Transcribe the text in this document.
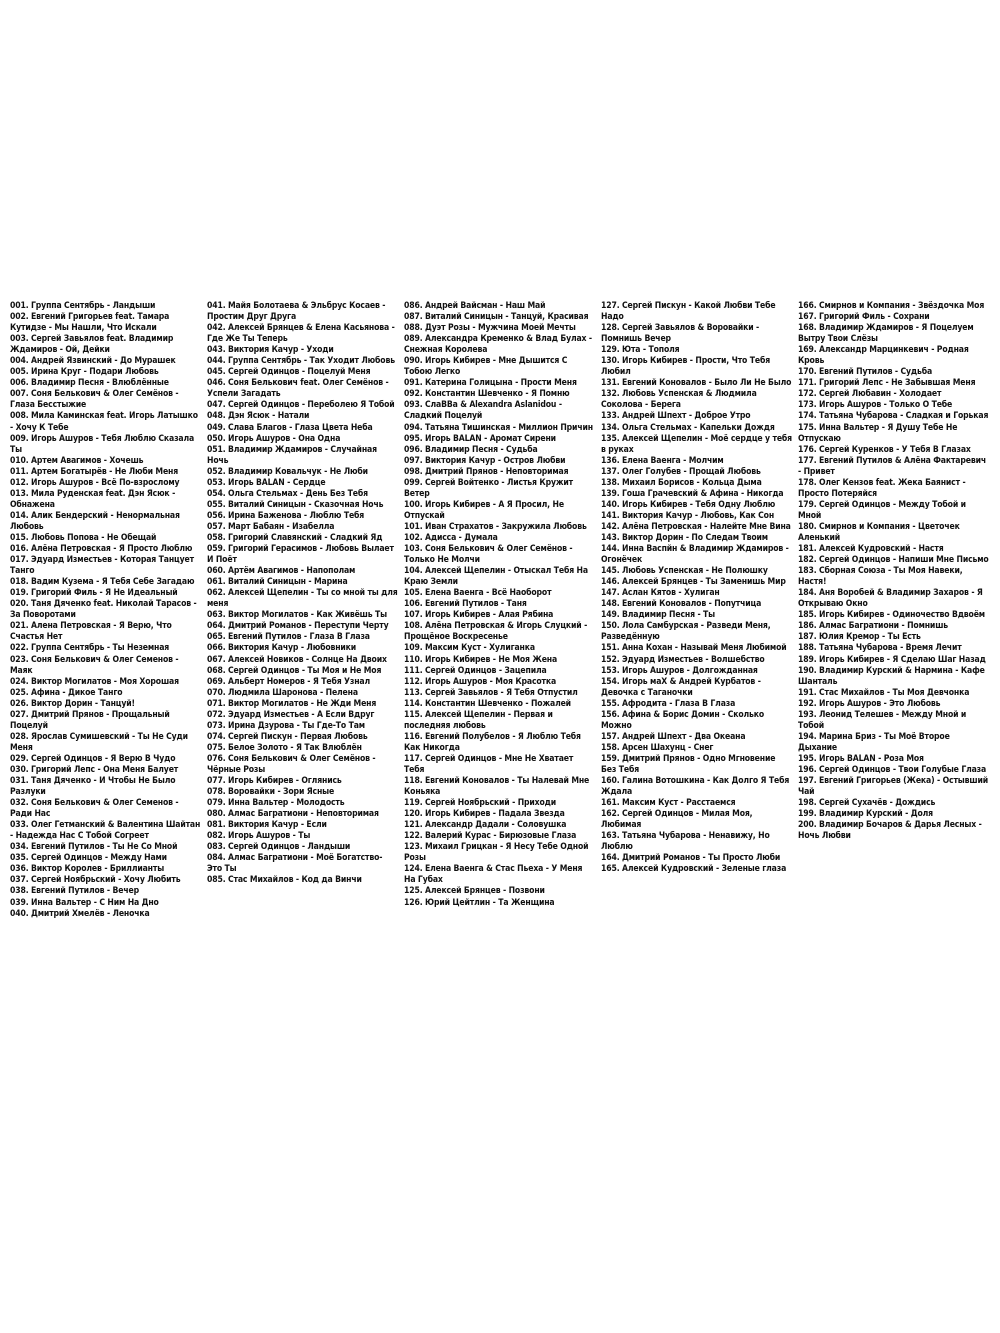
001. Группа Сентябрь - Ландыши
002. Евгений Григорьев feat. Тамара Кутидзе - Мы Нашли, Что Искали
003. Сергей Завьялов feat. Владимир Ждамиров - Ой, Дейки
004. Андрей Язвинский - До Мурашек
005. Ирина Круг - Подари Любовь
006. Владимир Песня - Влюблённые
007. Соня Белькович & Олег Семёнов - Глаза Бесстыжие
008. Мила Каминская feat. Игорь Латышко - Хочу К Тебе
009. Игорь Ашуров - Тебя Люблю Сказала Ты
010. Артем Авагимов - Хочешь
011. Артем Богатырёв - Не Люби Меня
012. Игорь Ашуров - Всё По-взрослому
013. Мила Руденская feat. Дэн Ясюк - Обнажена
014. Алик Бендерский - Ненормальная Любовь
015. Любовь Попова - Не Обещай
016. Алёна Петровская - Я Просто Люблю
017. Эдуард Изместьев - Которая Танцует Танго
018. Вадим Кузема - Я Тебя Себе Загадаю
019. Григорий Филь - Я Не Идеальный
020. Таня Дяченко feat. Николай Тарасов - За Поворотами
021. Алена Петровская - Я Верю, Что Счастья Нет
022. Группа Сентябрь - Ты Неземная
023. Соня Белькович & Олег Семенов - Маяк
024. Виктор Могилатов - Моя Хорошая
025. Афина - Дикое Танго
026. Виктор Дорин - Танцуй!
027. Дмитрий Прянов - Прощальный Поцелуй
028. Ярослав Сумишевский - Ты Не Суди Меня
029. Сергей Одинцов - Я Верю В Чудо
030. Григорий Лепс - Она Меня Балует
031. Таня Дяченко - И Чтобы Не Было Разлуки
032. Соня Белькович & Олег Семенов - Ради Нас
033. Олег Гетманский & Валентина Шайтан - Надежда Нас С Тобой Согреет
034. Евгений Путилов - Ты Не Со Мной
035. Сергей Одинцов - Между Нами
036. Виктор Королев - Бриллианты
037. Сергей Ноябрьский - Хочу Любить
038. Евгений Путилов - Вечер
039. Инна Вальтер - С Ним На Дно
040. Дмитрий Хмелёв - Леночка
041. Майя Болотаева & Эльбрус Косаев - Простим Друг Друга
042. Алексей Брянцев & Елена Касьянова - Где Же Ты Теперь
043. Виктория Качур - Уходи
044. Группа Сентябрь - Так Уходит Любовь
045. Сергей Одинцов - Поцелуй Меня
046. Соня Белькович feat. Олег Семёнов - Успели Загадать
047. Сергей Одинцов - Переболею Я Тобой
048. Дэн Ясюк - Натали
049. Слава Благов - Глаза Цвета Неба
050. Игорь Ашуров - Она Одна
051. Владимир Ждамиров - Случайная Ночь
052. Владимир Ковальчук - Не Люби
053. Игорь BALAN - Сердце
054. Ольга Стельмах - День Без Тебя
055. Виталий Синицын - Сказочная Ночь
056. Ирина Баженова - Люблю Тебя
057. Март Бабаян - Изабелла
058. Григорий Славянский - Сладкий Яд
059. Григорий Герасимов - Любовь Вылает И Поёт
060. Артём Авагимов - Напополам
061. Виталий Синицын - Марина
062. Алексей Щепелин - Ты со мной ты для меня
063. Виктор Могилатов - Как Живёшь Ты
064. Дмитрий Романов - Переступи Черту
065. Евгений Путилов - Глаза В Глаза
066. Виктория Качур - Любовники
067. Алексей Новиков - Солнце На Двоих
068. Сергей Одинцов - Ты Моя и Не Моя
069. Альберт Номеров - Я Тебя Узнал
070. Людмила Шаронова - Пелена
071. Виктор Могилатов - Не Жди Меня
072. Эдуард Изместьев - А Если Вдруг
073. Ирина Дзурова - Ты Где-То Там
074. Сергей Пискун - Первая Любовь
075. Белое Золото - Я Так Влюблён
076. Соня Белькович & Олег Семёнов - Чёрные Розы
077. Игорь Кибирев - Оглянись
078. Воровайки - Зори Ясные
079. Инна Вальтер - Молодость
080. Алмас Багратиони - Неповторимая
081. Виктория Качур - Если
082. Игорь Ашуров - Ты
083. Сергей Одинцов - Ландыши
084. Алмас Багратиони - Моё Богатство- Это Ты
085. Стас Михайлов - Код да Винчи
086. Андрей Вайсман - Наш Май
087. Виталий Синицын - Танцуй, Красивая
088. Дуэт Розы - Мужчина Моей Мечты
089. Александра Кременко & Влад Булах - Снежная Королева
090. Игорь Кибирев - Мне Дышится С Тобою Легко
091. Катерина Голицына - Прости Меня
092. Константин Шевченко - Я Помню
093. СлаВВа & Alexandra Aslanidou - Сладкий Поцелуй
094. Татьяна Тишинская - Миллион Причин
095. Игорь BALAN - Аромат Сирени
096. Владимир Песня - Судьба
097. Виктория Качур - Остров Любви
098. Дмитрий Прянов - Неповторимая
099. Сергей Войтенко - Листья Кружит Ветер
100. Игорь Кибирев - А Я Просил, Не Отпускай
101. Иван Страхатов - Закружила Любовь
102. Адисса - Думала
103. Соня Белькович & Олег Семёнов - Только Не Молчи
104. Алексей Щепелин - Отыскал Тебя На Краю Земли
105. Елена Ваенга - Всё Наоборот
106. Евгений Путилов - Таня
107. Игорь Кибирев - Алая Рябина
108. Алёна Петровская & Игорь Слуцкий - Прощёное Воскресенье
109. Максим Куст - Хулиганка
110. Игорь Кибирев - Не Моя Жена
111. Сергей Одинцов - Зацепила
112. Игорь Ашуров - Моя Красотка
113. Сергей Завьялов - Я Тебя Отпустил
114. Константин Шевченко - Пожалей
115. Алексей Щепелин - Первая и последняя любовь
116. Евгений Полубелов - Я Люблю Тебя Как Никогда
117. Сергей Одинцов - Мне Не Хватает Тебя
118. Евгений Коновалов - Ты Налевай Мне Коньяка
119. Сергей Ноябрьский - Приходи
120. Игорь Кибирев - Падала Звезда
121. Александр Дадали - Соловушка
122. Валерий Курас - Бирюзовые Глаза
123. Михаил Грицкан - Я Несу Тебе Одной Розы
124. Елена Ваенга & Стас Пьеха - У Меня На Губах
125. Алексей Брянцев - Позвони
126. Юрий Цейтлин - Та Женщина
127. Сергей Пискун - Какой Любви Тебе Надо
128. Сергей Завьялов & Воровайки - Помнишь Вечер
129. Юта - Тополя
130. Игорь Кибирев - Прости, Что Тебя Любил
131. Евгений Коновалов - Было Ли Не Было
132. Любовь Успенская & Людмила Соколова - Берега
133. Андрей Шпехт - Доброе Утро
134. Ольга Стельмах - Капельки Дождя
135. Алексей Щепелин - Моё сердце у тебя в руках
136. Елена Ваенга - Молчим
137. Олег Голубев - Прощай Любовь
138. Михаил Борисов - Кольца Дыма
139. Гоша Грачевский & Афина - Никогда
140. Игорь Кибирев - Тебя Одну Люблю
141. Виктория Качур - Любовь, Как Сон
142. Алёна Петровская - Налейте Мне Вина
143. Виктор Дорин - По Следам Твоим
144. Инна Васпйн & Владимир Ждамиров - Огонёчек
145. Любовь Успенская - Не Полюшку
146. Алексей Брянцев - Ты Заменишь Мир
147. Аслан Кятов - Хулиган
148. Евгений Коновалов - Попутчица
149. Владимир Песня - Ты
150. Лола Самбурская - Разведи Меня, Разведённую
151. Анна Кохан - Называй Меня Любимой
152. Эдуард Изместьев - Волшебство
153. Игорь Ашуров - Долгожданная
154. Игорь маХ & Андрей Курбатов - Девочка с Таганочки
155. Афродита - Глаза В Глаза
156. Афина & Борис Домин - Сколько Можно
157. Андрей Шпехт - Два Океана
158. Арсен Шахунц - Снег
159. Дмитрий Прянов - Одно Мгновение Без Тебя
160. Галина Вотошкина - Как Долго Я Тебя Ждала
161. Максим Куст - Расстаемся
162. Сергей Одинцов - Милая Моя, Любимая
163. Татьяна Чубарова - Ненавижу, Но Люблю
164. Дмитрий Романов - Ты Просто Люби
165. Алексей Кудровский - Зеленые глаза
166. Смирнов и Компания - Звёздочка Моя
167. Григорий Филь - Сохрани
168. Владимир Ждамиров - Я Поцелуем Вытру Твои Слёзы
169. Александр Марцинкевич - Родная Кровь
170. Евгений Путилов - Судьба
171. Григорий Лепс - Не Забывшая Меня
172. Сергей Любавин - Холодает
173. Игорь Ашуров - Только О Тебе
174. Татьяна Чубарова - Сладкая и Горькая
175. Инна Вальтер - Я Душу Тебе Не Отпускаю
176. Сергей Куренков - У Тебя В Глазах
177. Евгений Путилов & Алёна Фактаревич - Привет
178. Олег Кензов feat. Жека Баянист - Просто Потеряйся
179. Сергей Одинцов - Между Тобой и Мной
180. Смирнов и Компания - Цветочек Аленький
181. Алексей Кудровский - Настя
182. Сергей Одинцов - Напиши Мне Письмо
183. Сборная Союза - Ты Моя Навеки, Настя!
184. Аня Воробей & Владимир Захаров - Я Открываю Окно
185. Игорь Кибирев - Одиночество Вдвоём
186. Алмас Багратиони - Помнишь
187. Юлия Кремор - Ты Есть
188. Татьяна Чубарова - Время Лечит
189. Игорь Кибирев - Я Сделаю Шаг Назад
190. Владимир Курский & Нармина - Кафе Шанталь
191. Стас Михайлов - Ты Моя Девчонка
192. Игорь Ашуров - Это Любовь
193. Леонид Телешев - Между Мной и Тобой
194. Марина Бриз - Ты Моё Второе Дыхание
195. Игорь BALAN - Роза Моя
196. Сергей Одинцов - Твои Голубые Глаза
197. Евгений Григорьев (Жека) - Остывший Чай
198. Сергей Сухачёв - Дождись
199. Владимир Курский - Доля
200. Владимир Бочаров & Дарья Лесных - Ночь Любви
